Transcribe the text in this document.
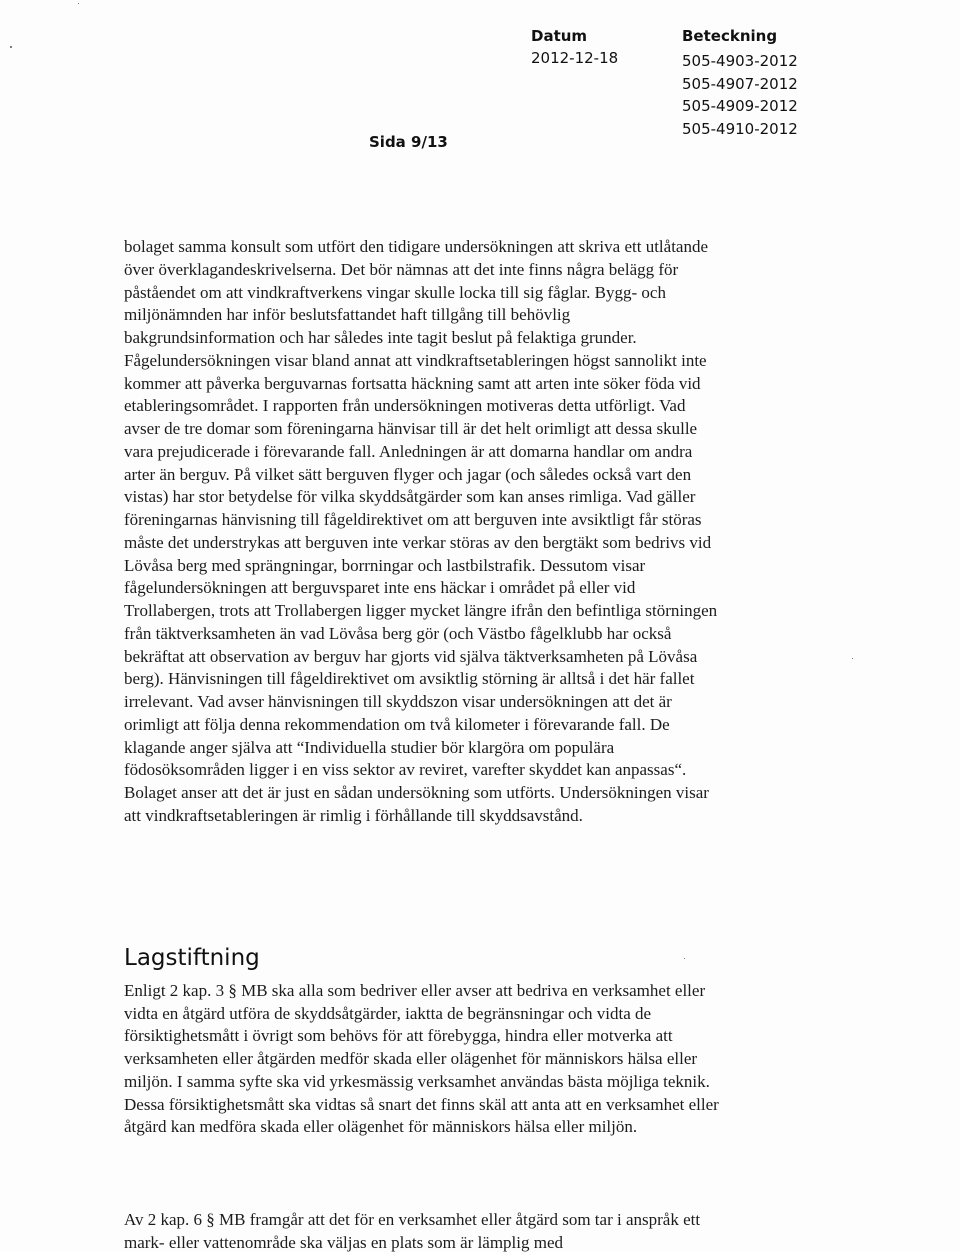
Datum
2012-12-18
Beteckning
505-4903-2012
505-4907-2012
505-4909-2012
505-4910-2012
Sida 9/13

bolaget samma konsult som utfört den tidigare undersökningen att skriva ett utlåtande över överklagandeskrivelserna. Det bör nämnas att det inte finns några belägg för påståendet om att vindkraftverkens vingar skulle locka till sig fåglar. Bygg- och miljönämnden har inför beslutsfattandet haft tillgång till behövlig bakgrundsinformation och har således inte tagit beslut på felaktiga grunder. Fågelundersökningen visar bland annat att vindkraftsetableringen högst sannolikt inte kommer att påverka berguvarnas fortsatta häckning samt att arten inte söker föda vid etableringsområdet. I rapporten från undersökningen motiveras detta utförligt. Vad avser de tre domar som föreningarna hänvisar till är det helt orimligt att dessa skulle vara prejudicerade i förevarande fall. Anledningen är att domarna handlar om andra arter än berguv. På vilket sätt berguven flyger och jagar (och således också vart den vistas) har stor betydelse för vilka skyddsåtgärder som kan anses rimliga. Vad gäller föreningarnas hänvisning till fågeldirektivet om att berguven inte avsiktligt får störas måste det understrykas att berguven inte verkar störas av den bergtäkt som bedrivs vid Lövåsa berg med sprängningar, borrningar och lastbilstrafik. Dessutom visar fågelundersökningen att berguvsparet inte ens häckar i området på eller vid Trollabergen, trots att Trollabergen ligger mycket längre ifrån den befintliga störningen från täktverksamheten än vad Lövåsa berg gör (och Västbo fågelklubb har också bekräftat att observation av berguv har gjorts vid själva täktverksamheten på Lövåsa berg). Hänvisningen till fågeldirektivet om avsiktlig störning är alltså i det här fallet irrelevant. Vad avser hänvisningen till skyddszon visar undersökningen att det är orimligt att följa denna rekommendation om två kilometer i förevarande fall. De klagande anger själva att “Individuella studier bör klargöra om populära födosöksområden ligger i en viss sektor av reviret, varefter skyddet kan anpassas“. Bolaget anser att det är just en sådan undersökning som utförts. Undersökningen visar att vindkraftsetableringen är rimlig i förhållande till skyddsavstånd.

Lagstiftning

Enligt 2 kap. 3 § MB ska alla som bedriver eller avser att bedriva en verksamhet eller vidta en åtgärd utföra de skyddsåtgärder, iaktta de begränsningar och vidta de försiktighetsmått i övrigt som behövs för att förebygga, hindra eller motverka att verksamheten eller åtgärden medför skada eller olägenhet för människors hälsa eller miljön. I samma syfte ska vid yrkesmässig verksamhet användas bästa möjliga teknik. Dessa försiktighetsmått ska vidtas så snart det finns skäl att anta att en verksamhet eller åtgärd kan medföra skada eller olägenhet för människors hälsa eller miljön.

Av 2 kap. 6 § MB framgår att det för en verksamhet eller åtgärd som tar i anspråk ett mark- eller vattenområde ska väljas en plats som är lämplig med
